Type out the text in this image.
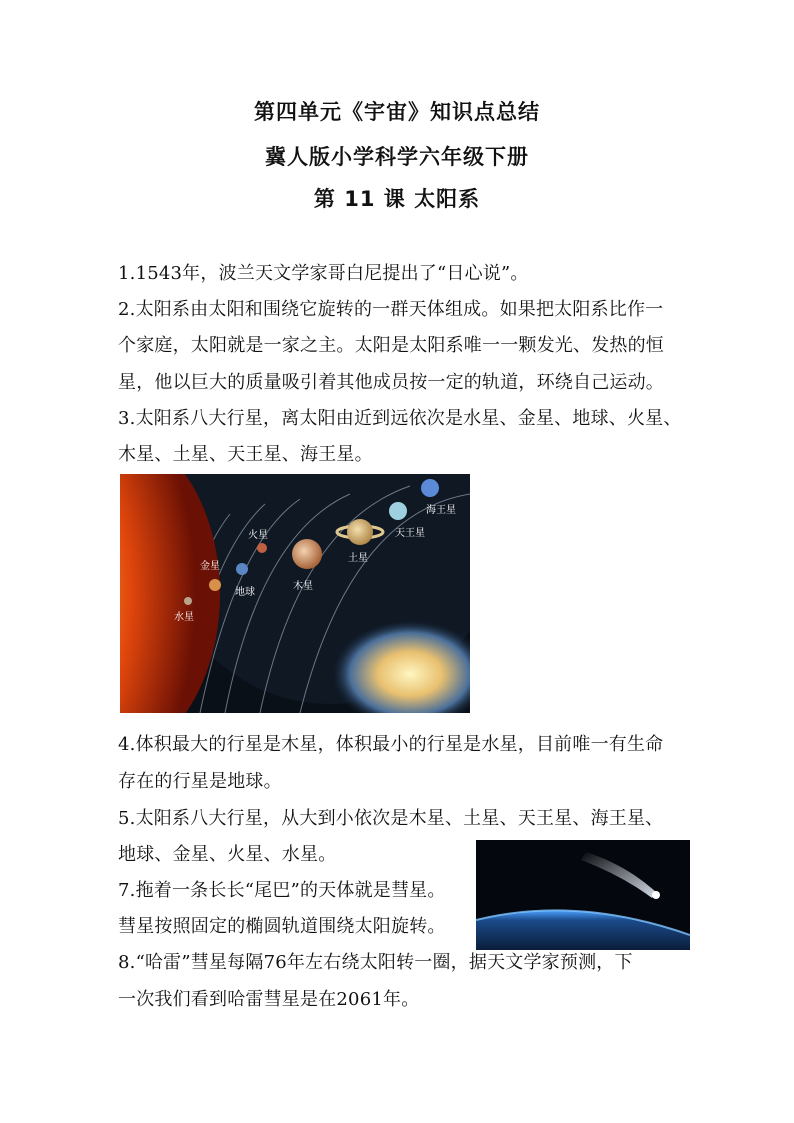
第四单元《宇宙》知识点总结
冀人版小学科学六年级下册
第 11 课 太阳系
1.1543年，波兰天文学家哥白尼提出了“日心说”。
2.太阳系由太阳和围绕它旋转的一群天体组成。如果把太阳系比作一
个家庭，太阳就是一家之主。太阳是太阳系唯一一颗发光、发热的恒
星，他以巨大的质量吸引着其他成员按一定的轨道，环绕自己运动。
3.太阳系八大行星，离太阳由近到远依次是水星、金星、地球、火星、
木星、土星、天王星、海王星。
水星
金星
地球
火星
木星
土星
天王星
海王星
4.体积最大的行星是木星，体积最小的行星是水星，目前唯一有生命
存在的行星是地球。
5.太阳系八大行星，从大到小依次是木星、土星、天王星、海王星、
地球、金星、火星、水星。
7.拖着一条长长“尾巴”的天体就是彗星。
彗星按照固定的椭圆轨道围绕太阳旋转。
8.“哈雷”彗星每隔76年左右绕太阳转一圈，据天文学家预测，下
一次我们看到哈雷彗星是在2061年。
